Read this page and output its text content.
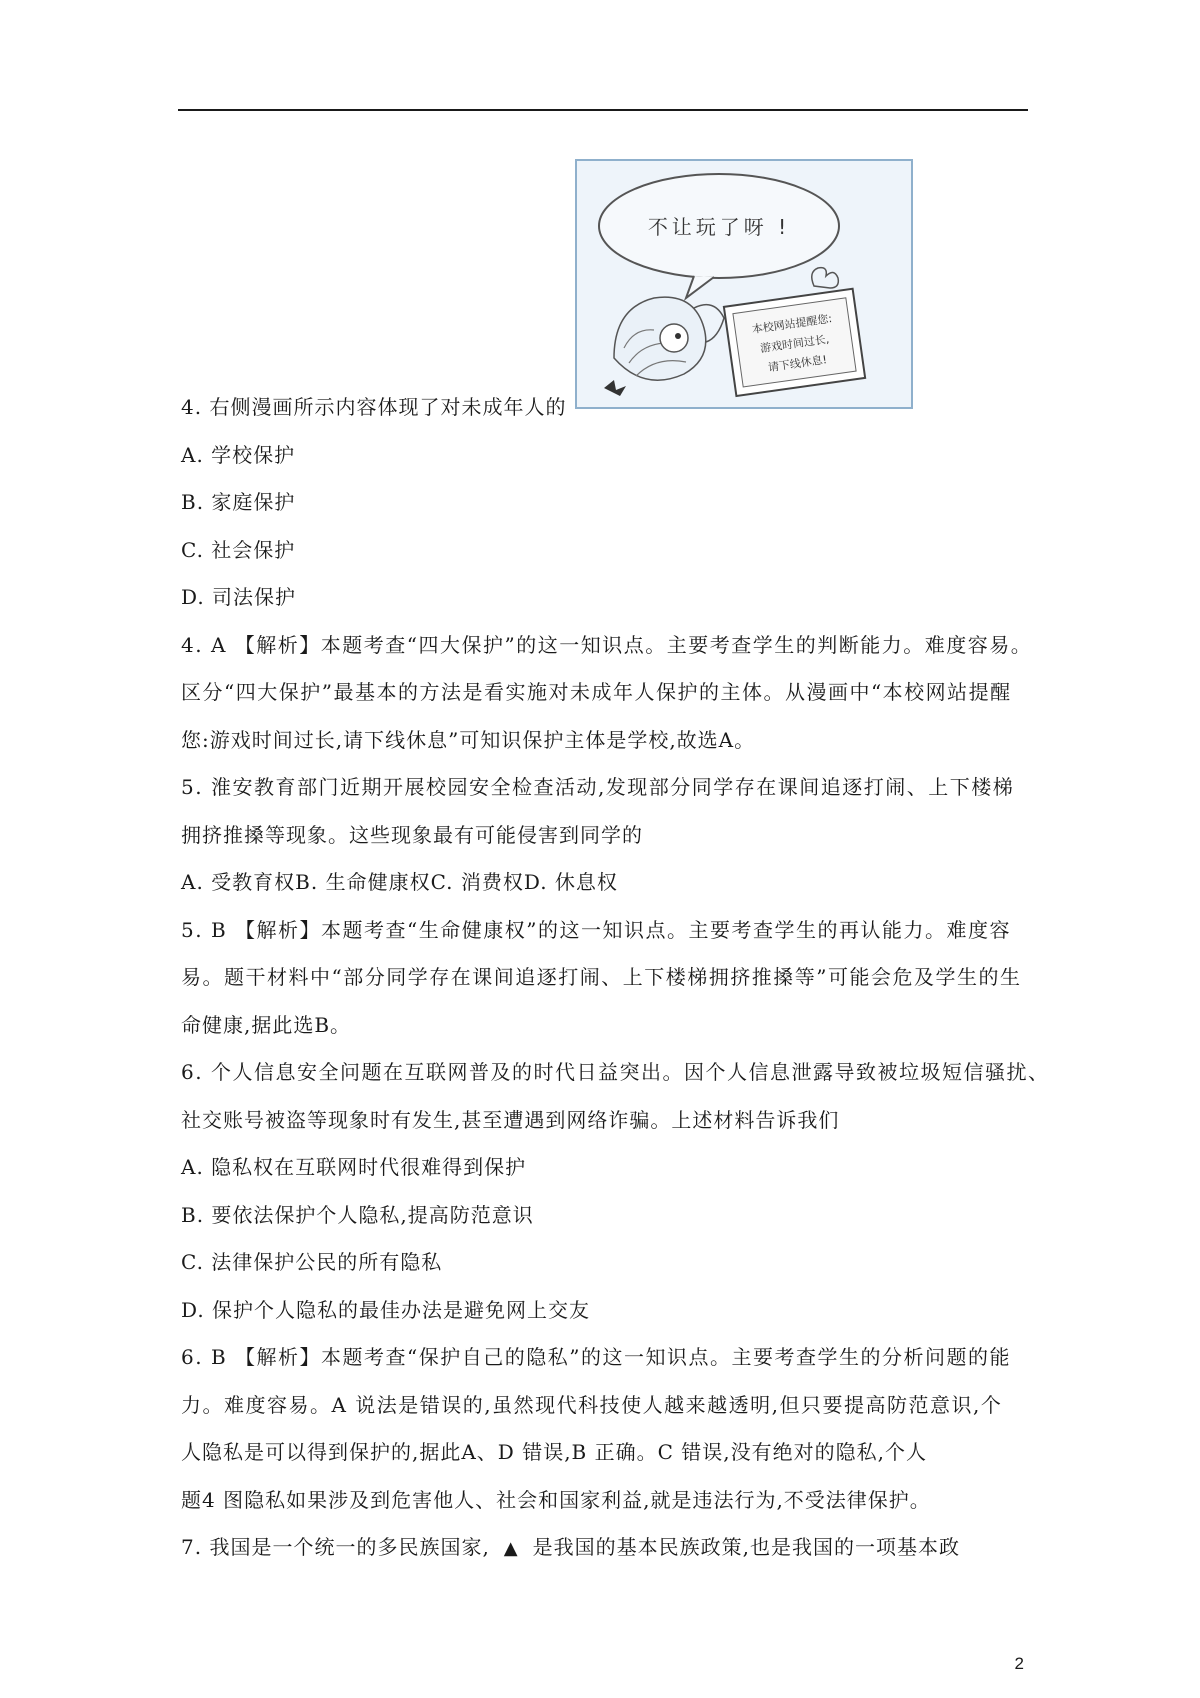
不让玩了呀 !
本校网站提醒您:
游戏时间过长,
请下线休息!
4. 右侧漫画所示内容体现了对未成年人的
A. 学校保护
B. 家庭保护
C. 社会保护
D. 司法保护
4. A 【解析】本题考查“四大保护”的这一知识点。主要考查学生的判断能力。难度容易。
区分“四大保护”最基本的方法是看实施对未成年人保护的主体。从漫画中“本校网站提醒
您:游戏时间过长,请下线休息”可知识保护主体是学校,故选A。
5. 淮安教育部门近期开展校园安全检查活动,发现部分同学存在课间追逐打闹、上下楼梯
拥挤推搡等现象。这些现象最有可能侵害到同学的
A. 受教育权B. 生命健康权C. 消费权D. 休息权
5. B 【解析】本题考查“生命健康权”的这一知识点。主要考查学生的再认能力。难度容
易。题干材料中“部分同学存在课间追逐打闹、上下楼梯拥挤推搡等”可能会危及学生的生
命健康,据此选B。
6. 个人信息安全问题在互联网普及的时代日益突出。因个人信息泄露导致被垃圾短信骚扰、
社交账号被盗等现象时有发生,甚至遭遇到网络诈骗。上述材料告诉我们
A. 隐私权在互联网时代很难得到保护
B. 要依法保护个人隐私,提高防范意识
C. 法律保护公民的所有隐私
D. 保护个人隐私的最佳办法是避免网上交友
6. B 【解析】本题考查“保护自己的隐私”的这一知识点。主要考查学生的分析问题的能
力。难度容易。A 说法是错误的,虽然现代科技使人越来越透明,但只要提高防范意识,个
人隐私是可以得到保护的,据此A、D 错误,B 正确。C 错误,没有绝对的隐私,个人
题4 图隐私如果涉及到危害他人、社会和国家利益,就是违法行为,不受法律保护。
7. 我国是一个统一的多民族国家, ▲ 是我国的基本民族政策,也是我国的一项基本政
2
